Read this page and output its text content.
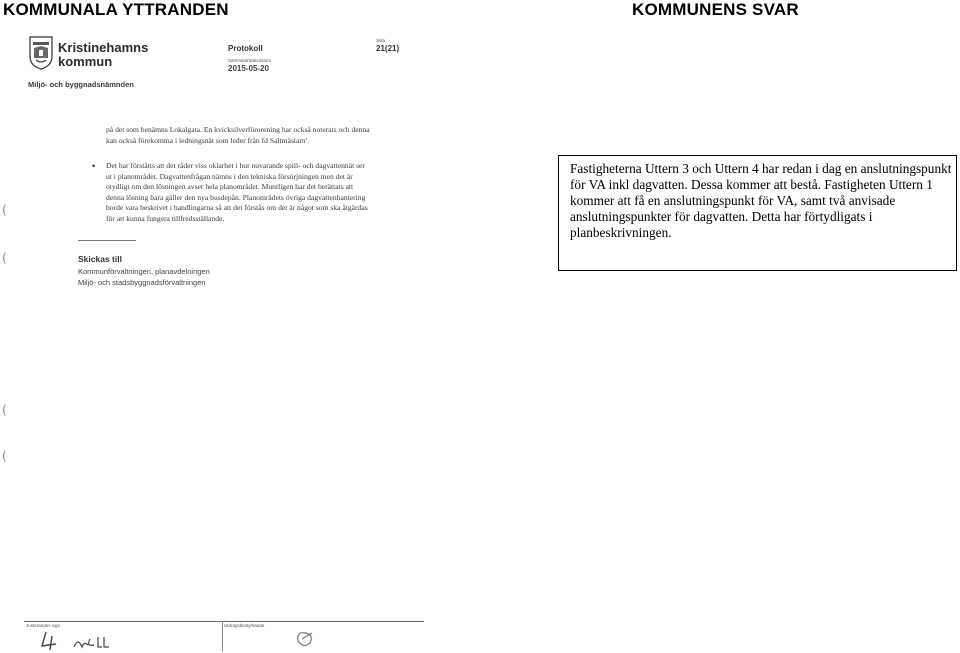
KOMMUNALA YTTRANDEN	KOMMUNENS SVAR
Kristinehamns
kommun
Miljö- och byggnadsnämnden
Protokoll
Sammanträdesdatum
2015-05-20
Sida
21(21)
på det som benämns Lokalgata. En kvicksilverförorening har också noterats och denna kan också förekomma i ledningsnät som leder från fd Saltmästarn'.
• Det har förståtts att det råder viss oklarhet i hur nuvarande spill- och dagvattennät ser ut i planområdet. Dagvattenfrågan nämns i den tekniska försörjningen men det är otydligt om den lösningen avser hela planområdet. Muntligen har det berättats att denna lösning bara gäller den nya busdepån. Planområdets övriga dagvattenhantering borde vara beskrivet i handlingarna så att det förstås om det är något som ska åtgärdas för att kunna fungera tillfredsställande.
Skickas till
Kommunförvaltningen, planavdelningen
Miljö- och stadsbyggnadsförvaltningen
(
(
(
(
Justerandes sign	Utdragsbestyrkande

Fastigheterna Uttern 3 och Uttern 4 har redan i dag en anslutningspunkt för VA inkl dagvatten. Dessa kommer att bestå. Fastigheten Uttern 1 kommer att få en anslutningspunkt för VA, samt två anvisade anslutningspunkter för dagvatten. Detta har förtydligats i planbeskrivningen.
